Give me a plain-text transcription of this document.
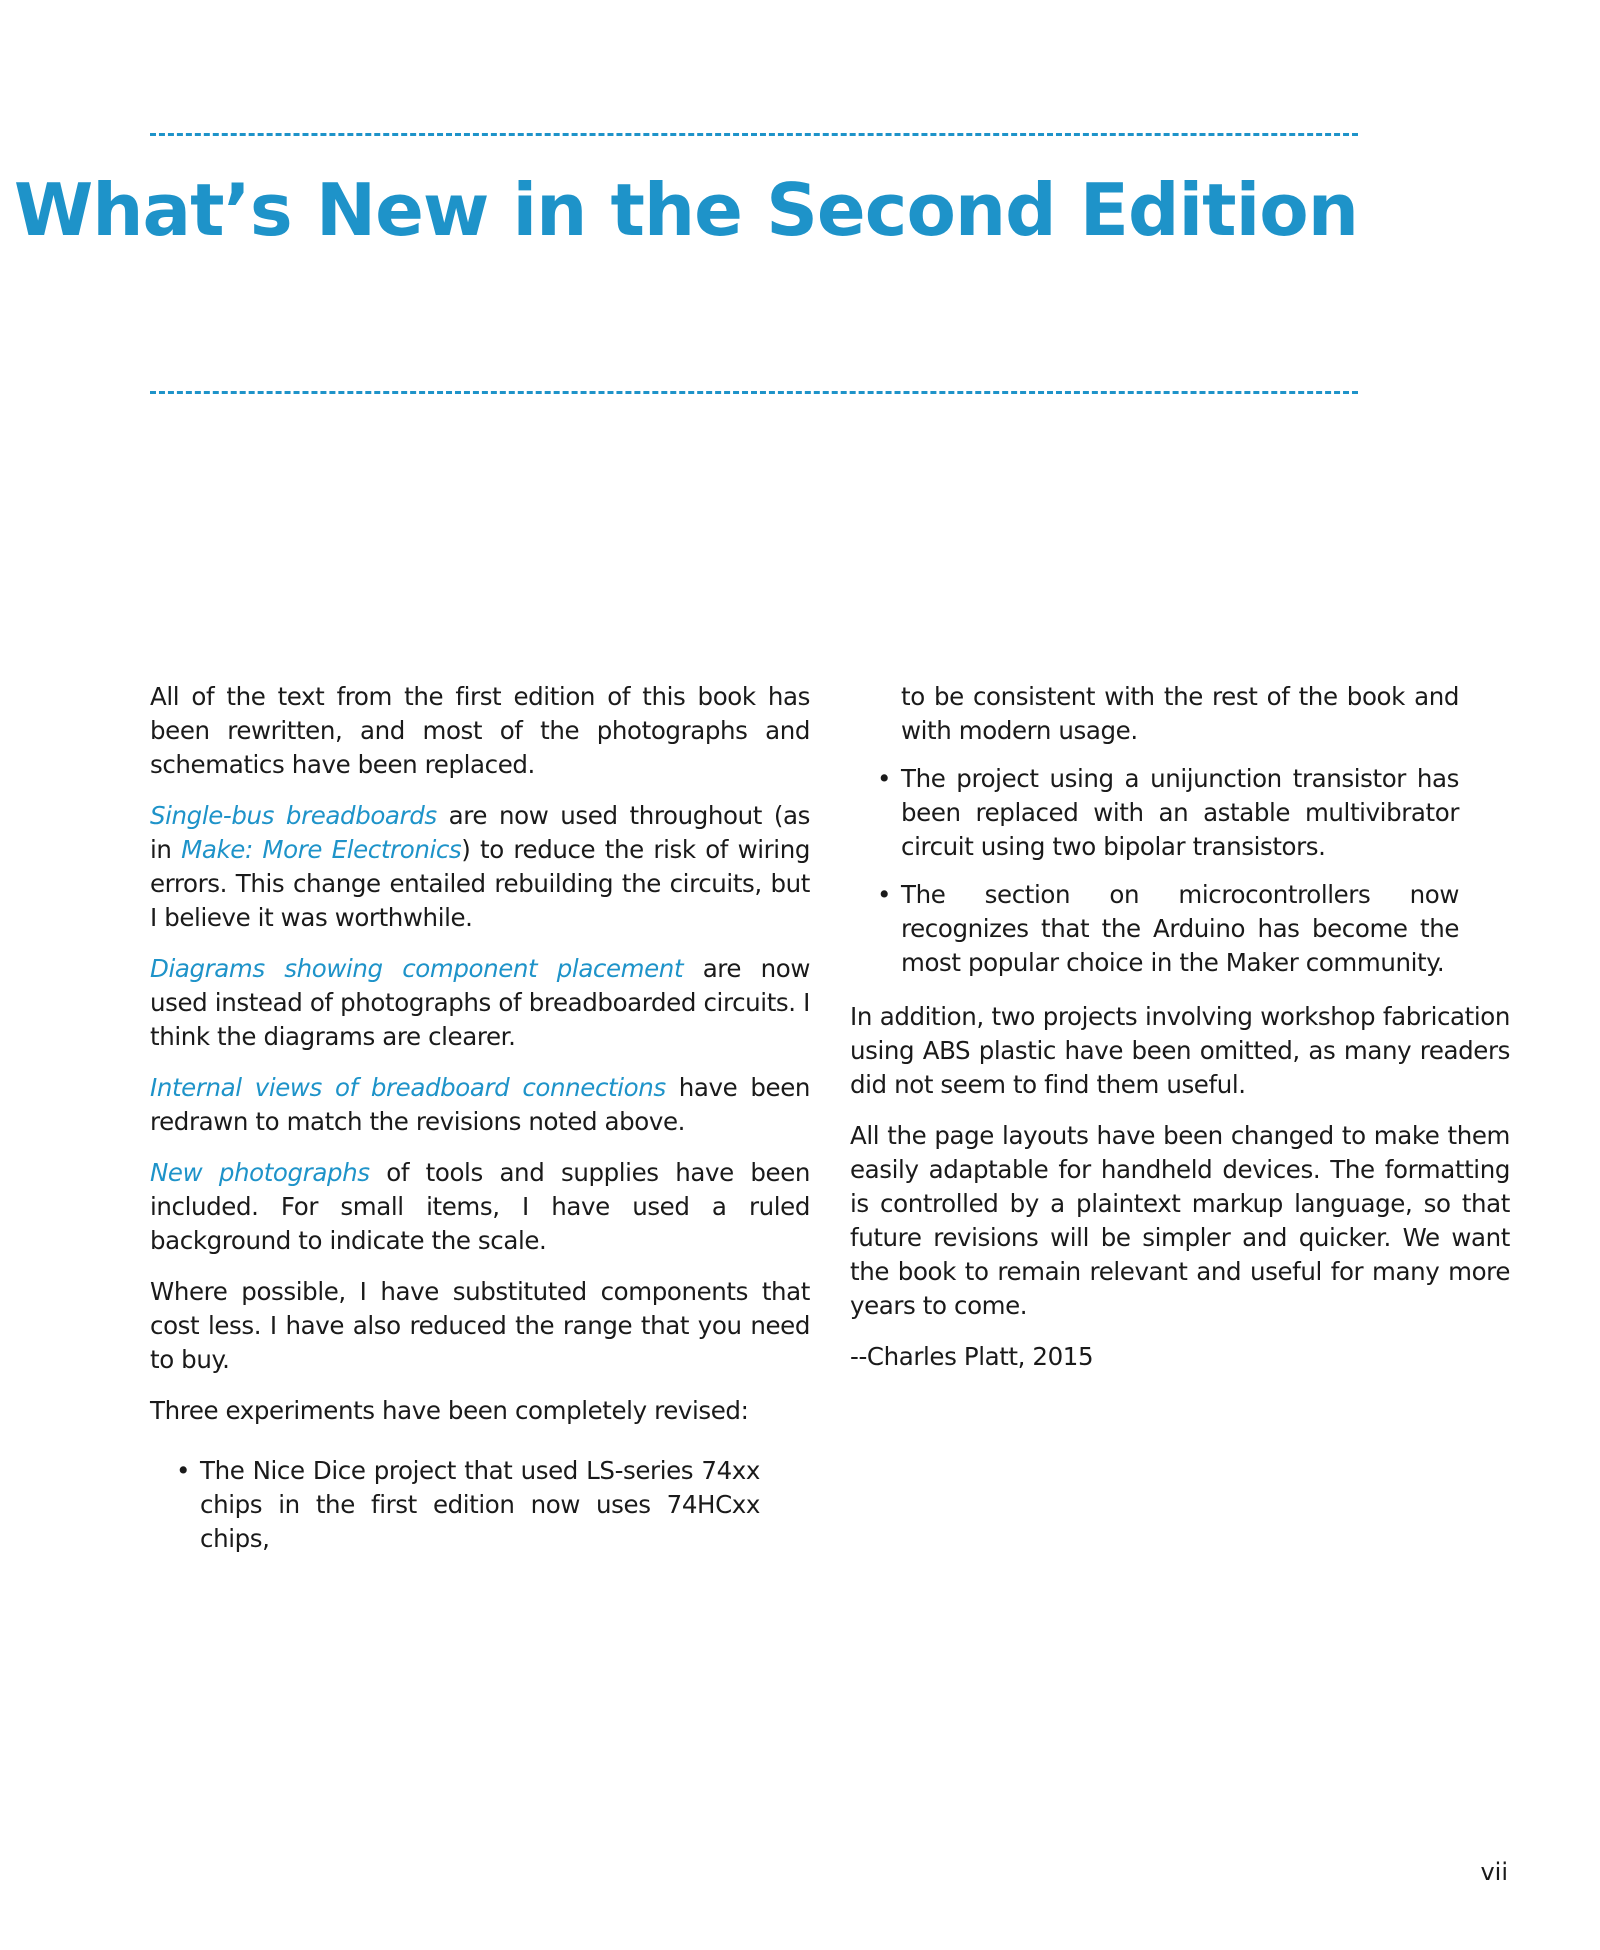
What’s New in the Second Edition

All of the text from the first edition of this book has been rewritten, and most of the photographs and schematics have been replaced.

Single-bus breadboards are now used throughout (as in Make: More Electronics) to reduce the risk of wiring errors. This change entailed rebuilding the circuits, but I believe it was worthwhile.

Diagrams showing component placement are now used instead of photographs of breadboarded circuits. I think the diagrams are clearer.

Internal views of breadboard connections have been redrawn to match the revisions noted above.

New photographs of tools and supplies have been included. For small items, I have used a ruled background to indicate the scale.

Where possible, I have substituted components that cost less. I have also reduced the range that you need to buy.

Three experiments have been completely revised:

• The Nice Dice project that used LS-series 74xx chips in the first edition now uses 74HCxx chips,

to be consistent with the rest of the book and with modern usage.

• The project using a unijunction transistor has been replaced with an astable multivibrator circuit using two bipolar transistors.
• The section on microcontrollers now recognizes that the Arduino has become the most popular choice in the Maker community.

In addition, two projects involving workshop fabrication using ABS plastic have been omitted, as many readers did not seem to find them useful.

All the page layouts have been changed to make them easily adaptable for handheld devices. The formatting is controlled by a plaintext markup language, so that future revisions will be simpler and quicker. We want the book to remain relevant and useful for many more years to come.

--Charles Platt, 2015

vii
